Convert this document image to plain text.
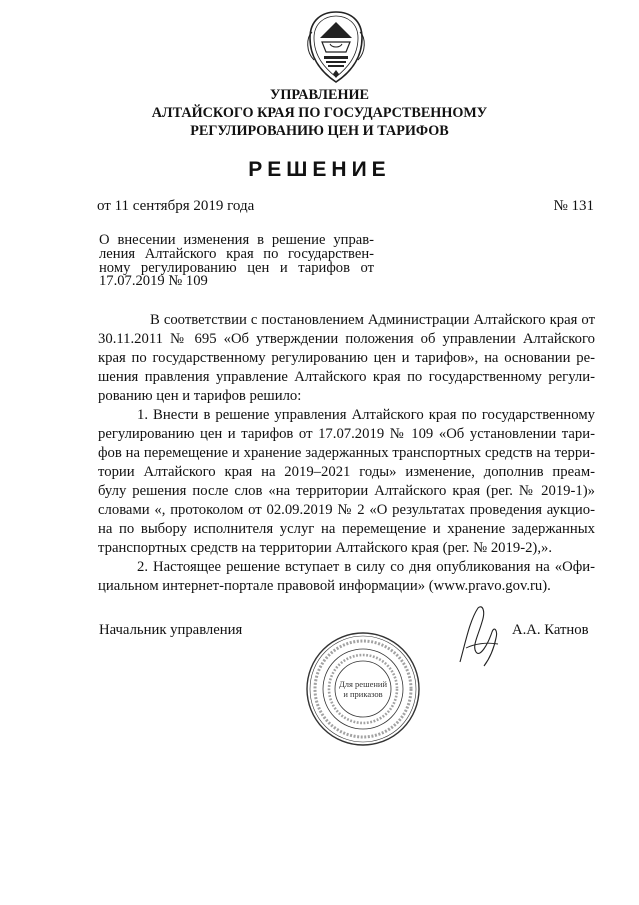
УПРАВЛЕНИЕ
АЛТАЙСКОГО КРАЯ ПО ГОСУДАРСТВЕННОМУ
РЕГУЛИРОВАНИЮ ЦЕН И ТАРИФОВ
РЕШЕНИЕ
от 11 сентября 2019 года	№ 131
О внесении изменения в решение управ-
ления Алтайского края по государствен-
ному регулированию цен и тарифов от
17.07.2019 № 109
В соответствии с постановлением Администрации Алтайского края от
30.11.2011 № 695 «Об утверждении положения об управлении Алтайского
края по государственному регулированию цен и тарифов», на основании ре-
шения правления управление Алтайского края по государственному регули-
рованию цен и тарифов решило:
1. Внести в решение управления Алтайского края по государственному
регулированию цен и тарифов от 17.07.2019 № 109 «Об установлении тари-
фов на перемещение и хранение задержанных транспортных средств на терри-
тории Алтайского края на 2019–2021 годы» изменение, дополнив преам-
булу решения после слов «на территории Алтайского края (рег. № 2019-1)»
словами «, протоколом от 02.09.2019 № 2 «О результатах проведения аукцио-
на по выбору исполнителя услуг на перемещение и хранение задержанных
транспортных средств на территории Алтайского края (рег. № 2019-2),».
2. Настоящее решение вступает в силу со дня опубликования на «Офи-
циальном интернет-портале правовой информации» (www.pravo.gov.ru).
Начальник управления	А.А. Катнов
Для решений
и приказов
